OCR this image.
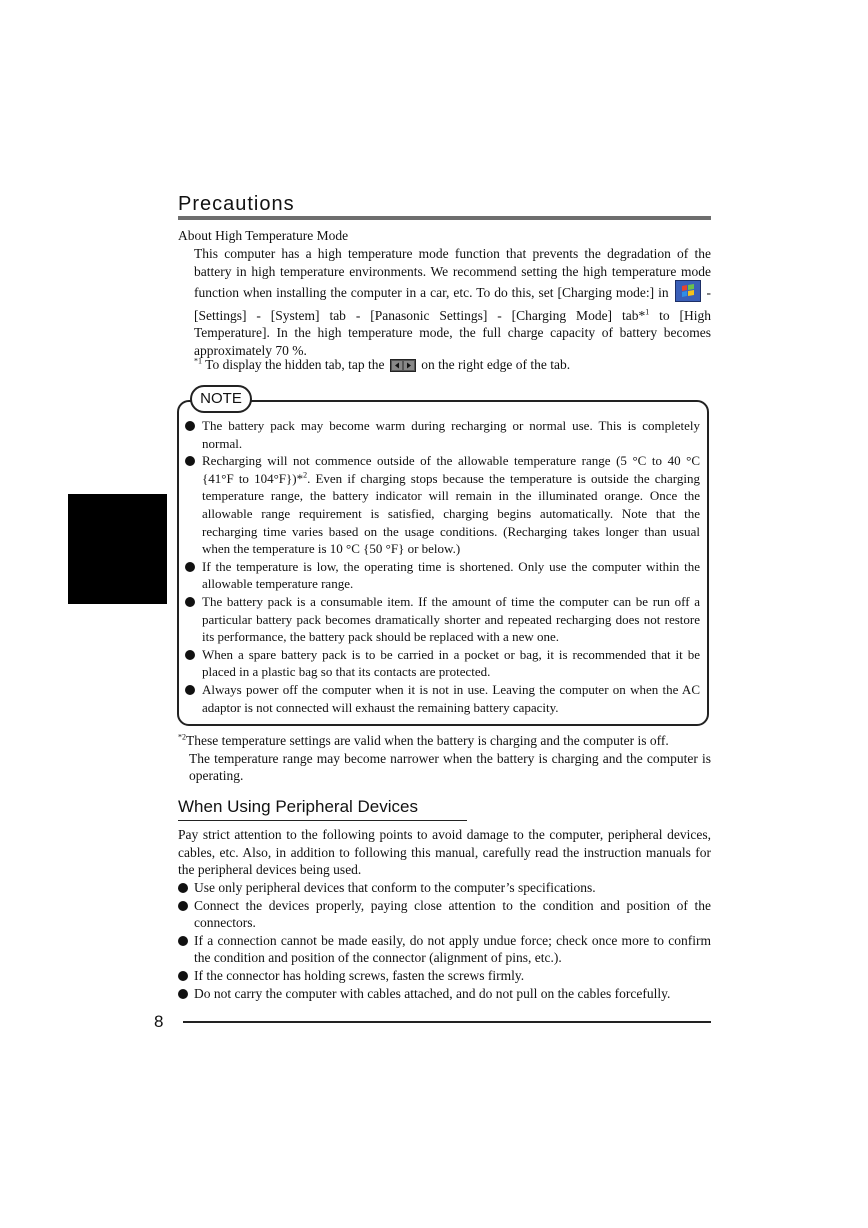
Precautions
About High Temperature Mode
This computer has a high temperature mode function that prevents the degradation of the battery in high temperature environments. We recommend setting the high temperature mode function when installing the computer in a car, etc. To do this, set [Charging mode:] in	- [Settings] - [System] tab - [Panasonic Settings] - [Charging Mode] tab*$^1$ to [High Temperature]. In the high temperature mode, the full charge capacity of battery becomes approximately 70 %.
$^{*1}$ To display the hidden tab, tap the	on the right edge of the tab.
NOTE
The battery pack may become warm during recharging or normal use. This is completely normal.
Recharging will not commence outside of the allowable temperature range (5 °C to 40 °C {41°F to 104°F})*$^2$. Even if charging stops because the temperature is outside the charging temperature range, the battery indicator will remain in the illuminated orange. Once the allowable range requirement is satisfied, charging begins automatically. Note that the recharging time varies based on the usage conditions. (Recharging takes longer than usual when the temperature is 10 °C {50 °F} or below.)
If the temperature is low, the operating time is shortened. Only use the computer within the allowable temperature range.
The battery pack is a consumable item. If the amount of time the computer can be run off a particular battery pack becomes dramatically shorter and repeated recharging does not restore its performance, the battery pack should be replaced with a new one.
When a spare battery pack is to be carried in a pocket or bag, it is recommended that it be placed in a plastic bag so that its contacts are protected.
Always power off the computer when it is not in use. Leaving the computer on when the AC adaptor is not connected will exhaust the remaining battery capacity.
$^{*2}$These temperature settings are valid when the battery is charging and the computer is off.
The temperature range may become narrower when the battery is charging and the computer is operating.
When Using Peripheral Devices
Pay strict attention to the following points to avoid damage to the computer, peripheral devices, cables, etc. Also, in addition to following this manual, carefully read the instruction manuals for the peripheral devices being used.
Use only peripheral devices that conform to the computer’s specifications.
Connect the devices properly, paying close attention to the condition and position of the connectors.
If a connection cannot be made easily, do not apply undue force; check once more to confirm the condition and position of the connector (alignment of pins, etc.).
If the connector has holding screws, fasten the screws firmly.
Do not carry the computer with cables attached, and do not pull on the cables forcefully.
8
